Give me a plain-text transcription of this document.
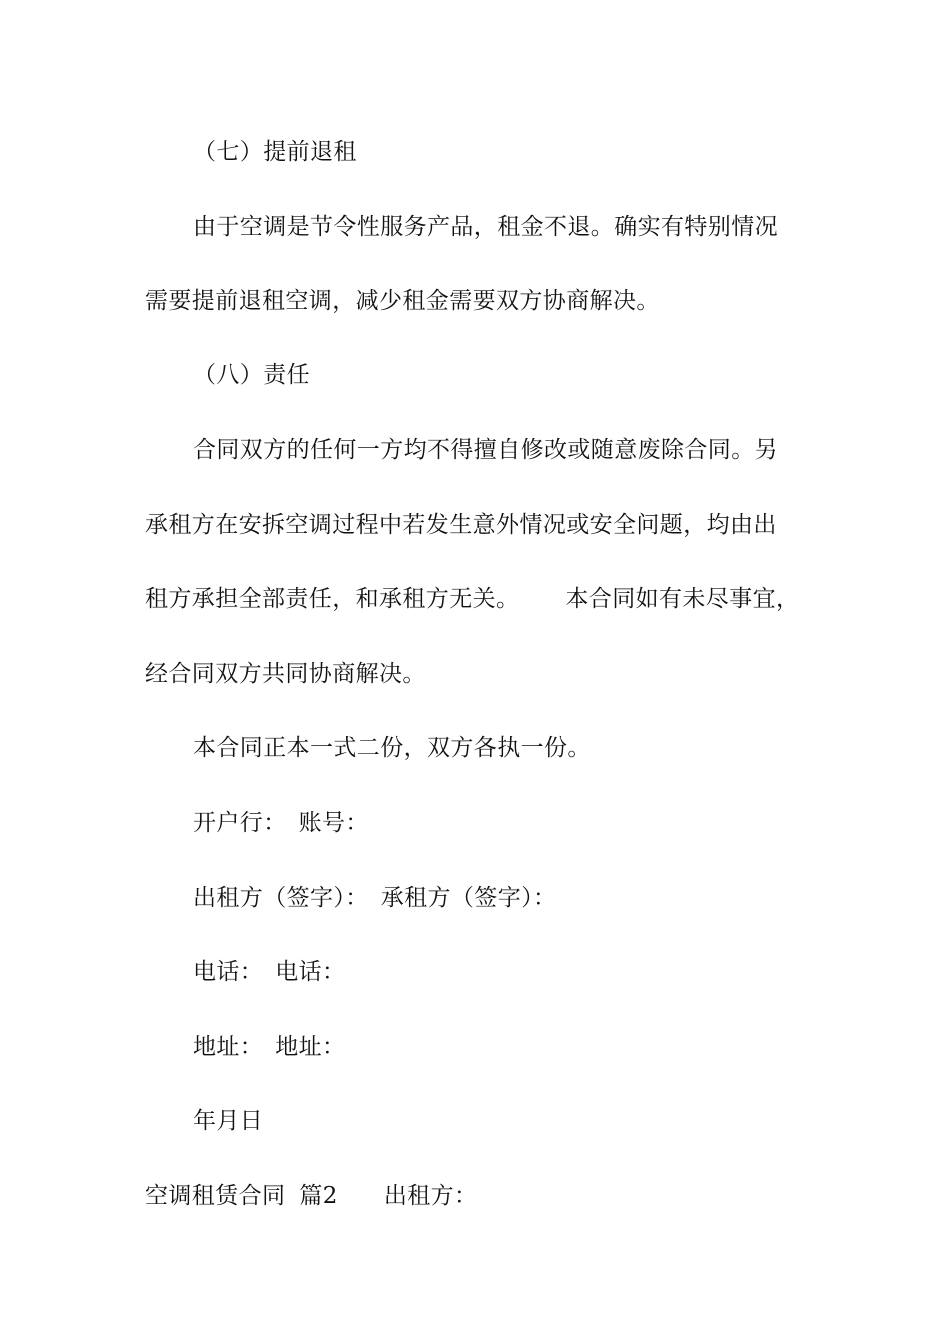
（七）提前退租
由于空调是节令性服务产品，租金不退。确实有特别情况
需要提前退租空调，减少租金需要双方协商解决。
（八）责任
合同双方的任何一方均不得擅自修改或随意废除合同。另
承租方在安拆空调过程中若发生意外情况或安全问题，均由出
租方承担全部责任，和承租方无关。 本合同如有未尽事宜，
经合同双方共同协商解决。
本合同正本一式二份，双方各执一份。
开户行： 账号：
出租方（签字）： 承租方（签字）：
电话： 电话：
地址： 地址：
年月日
空调租赁合同 篇2 出租方：
